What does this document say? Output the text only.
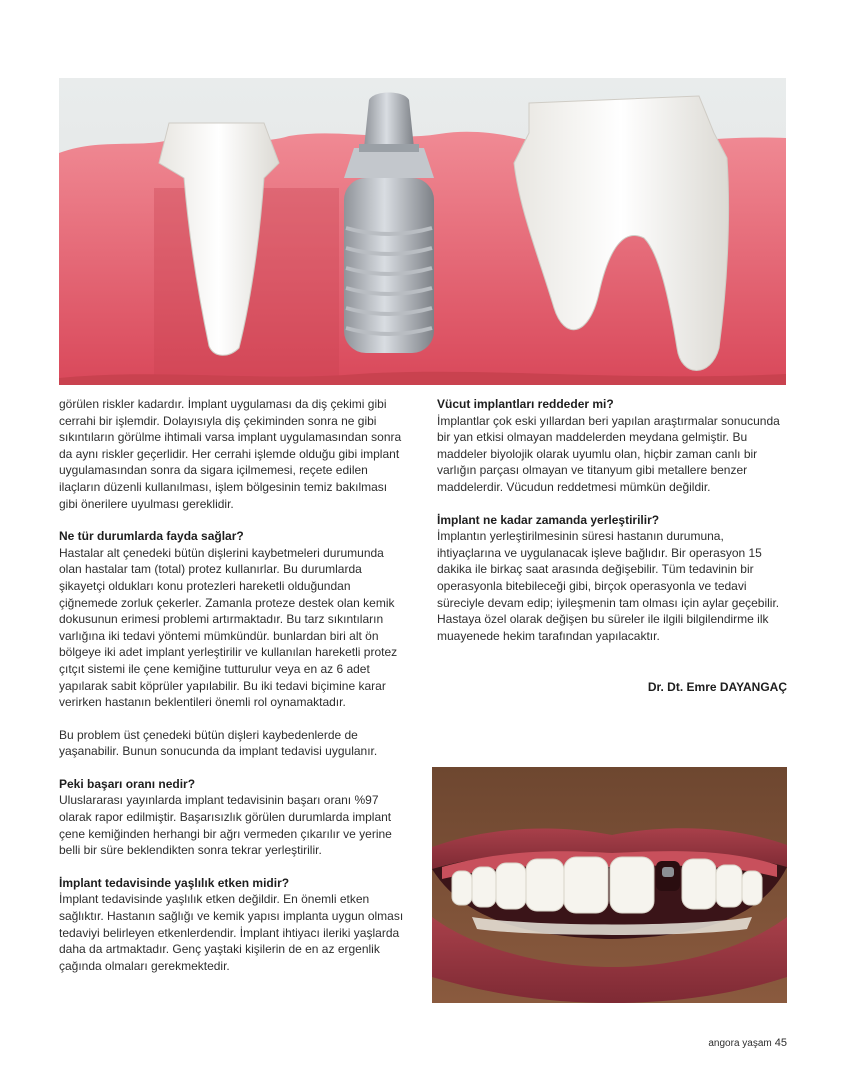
görülen riskler kadardır. İmplant uygulaması da diş çekimi gibi cerrahi bir işlemdir. Dolayısıyla diş çekiminden sonra ne gibi sıkıntıların görülme ihtimali varsa implant uygulamasından sonra da aynı riskler geçerlidir. Her cerrahi işlemde olduğu gibi implant uygulamasından sonra da sigara içilmemesi, reçete edilen ilaçların düzenli kullanılması, işlem bölgesinin temiz bakılması gibi önerilere uyulması gereklidir.

Ne tür durumlarda fayda sağlar?

Hastalar alt çenedeki bütün dişlerini kaybetmeleri durumunda olan hastalar tam (total) protez kullanırlar. Bu durumlarda şikayetçi oldukları konu protezleri hareketli olduğundan çiğnemede zorluk çekerler. Zamanla proteze destek olan kemik dokusunun erimesi problemi artırmaktadır. Bu tarz sıkıntıların varlığına iki tedavi yöntemi mümkündür. bunlardan biri alt ön bölgeye iki adet implant yerleştirilir ve kullanılan hareketli protez çıtçıt sistemi ile çene kemiğine tutturulur veya en az 6 adet yapılarak sabit köprüler yapılabilir. Bu iki tedavi biçimine karar verirken hastanın beklentileri önemli rol oynamaktadır.

Bu problem üst çenedeki bütün dişleri kaybedenlerde de yaşanabilir. Bunun sonucunda da implant tedavisi uygulanır.

Peki başarı oranı nedir?

Uluslararası yayınlarda implant tedavisinin başarı oranı %97 olarak rapor edilmiştir. Başarısızlık görülen durumlarda implant çene kemiğinden herhangi bir ağrı vermeden çıkarılır ve yerine belli bir süre beklendikten sonra tekrar yerleştirilir.

İmplant tedavisinde yaşlılık etken midir?

İmplant tedavisinde yaşlılık etken değildir. En önemli etken sağlıktır. Hastanın sağlığı ve kemik yapısı implanta uygun olması tedaviyi belirleyen etkenlerdendir. İmplant ihtiyacı ileriki yaşlarda daha da artmaktadır. Genç yaştaki kişilerin de en az ergenlik çağında olmaları gerekmektedir.

Vücut implantları reddeder mi?

İmplantlar çok eski yıllardan beri yapılan araştırmalar sonucunda bir yan etkisi olmayan maddelerden meydana gelmiştir. Bu maddeler biyolojik olarak uyumlu olan, hiçbir zaman canlı bir varlığın parçası olmayan ve titanyum gibi metallere benzer maddelerdir. Vücudun reddetmesi mümkün değildir.

İmplant ne kadar zamanda yerleştirilir?

İmplantın yerleştirilmesinin süresi hastanın durumuna, ihtiyaçlarına ve uygulanacak işleve bağlıdır. Bir operasyon 15 dakika ile birkaç saat arasında değişebilir. Tüm tedavinin bir operasyonla bitebileceği gibi, birçok operasyonla ve tedavi süreciyle devam edip; iyileşmenin tam olması için aylar geçebilir. Hastaya özel olarak değişen bu süreler ile ilgili bilgilendirme ilk muayenede hekim tarafından yapılacaktır.

Dr. Dt. Emre DAYANGAÇ
angora yaşam 45
